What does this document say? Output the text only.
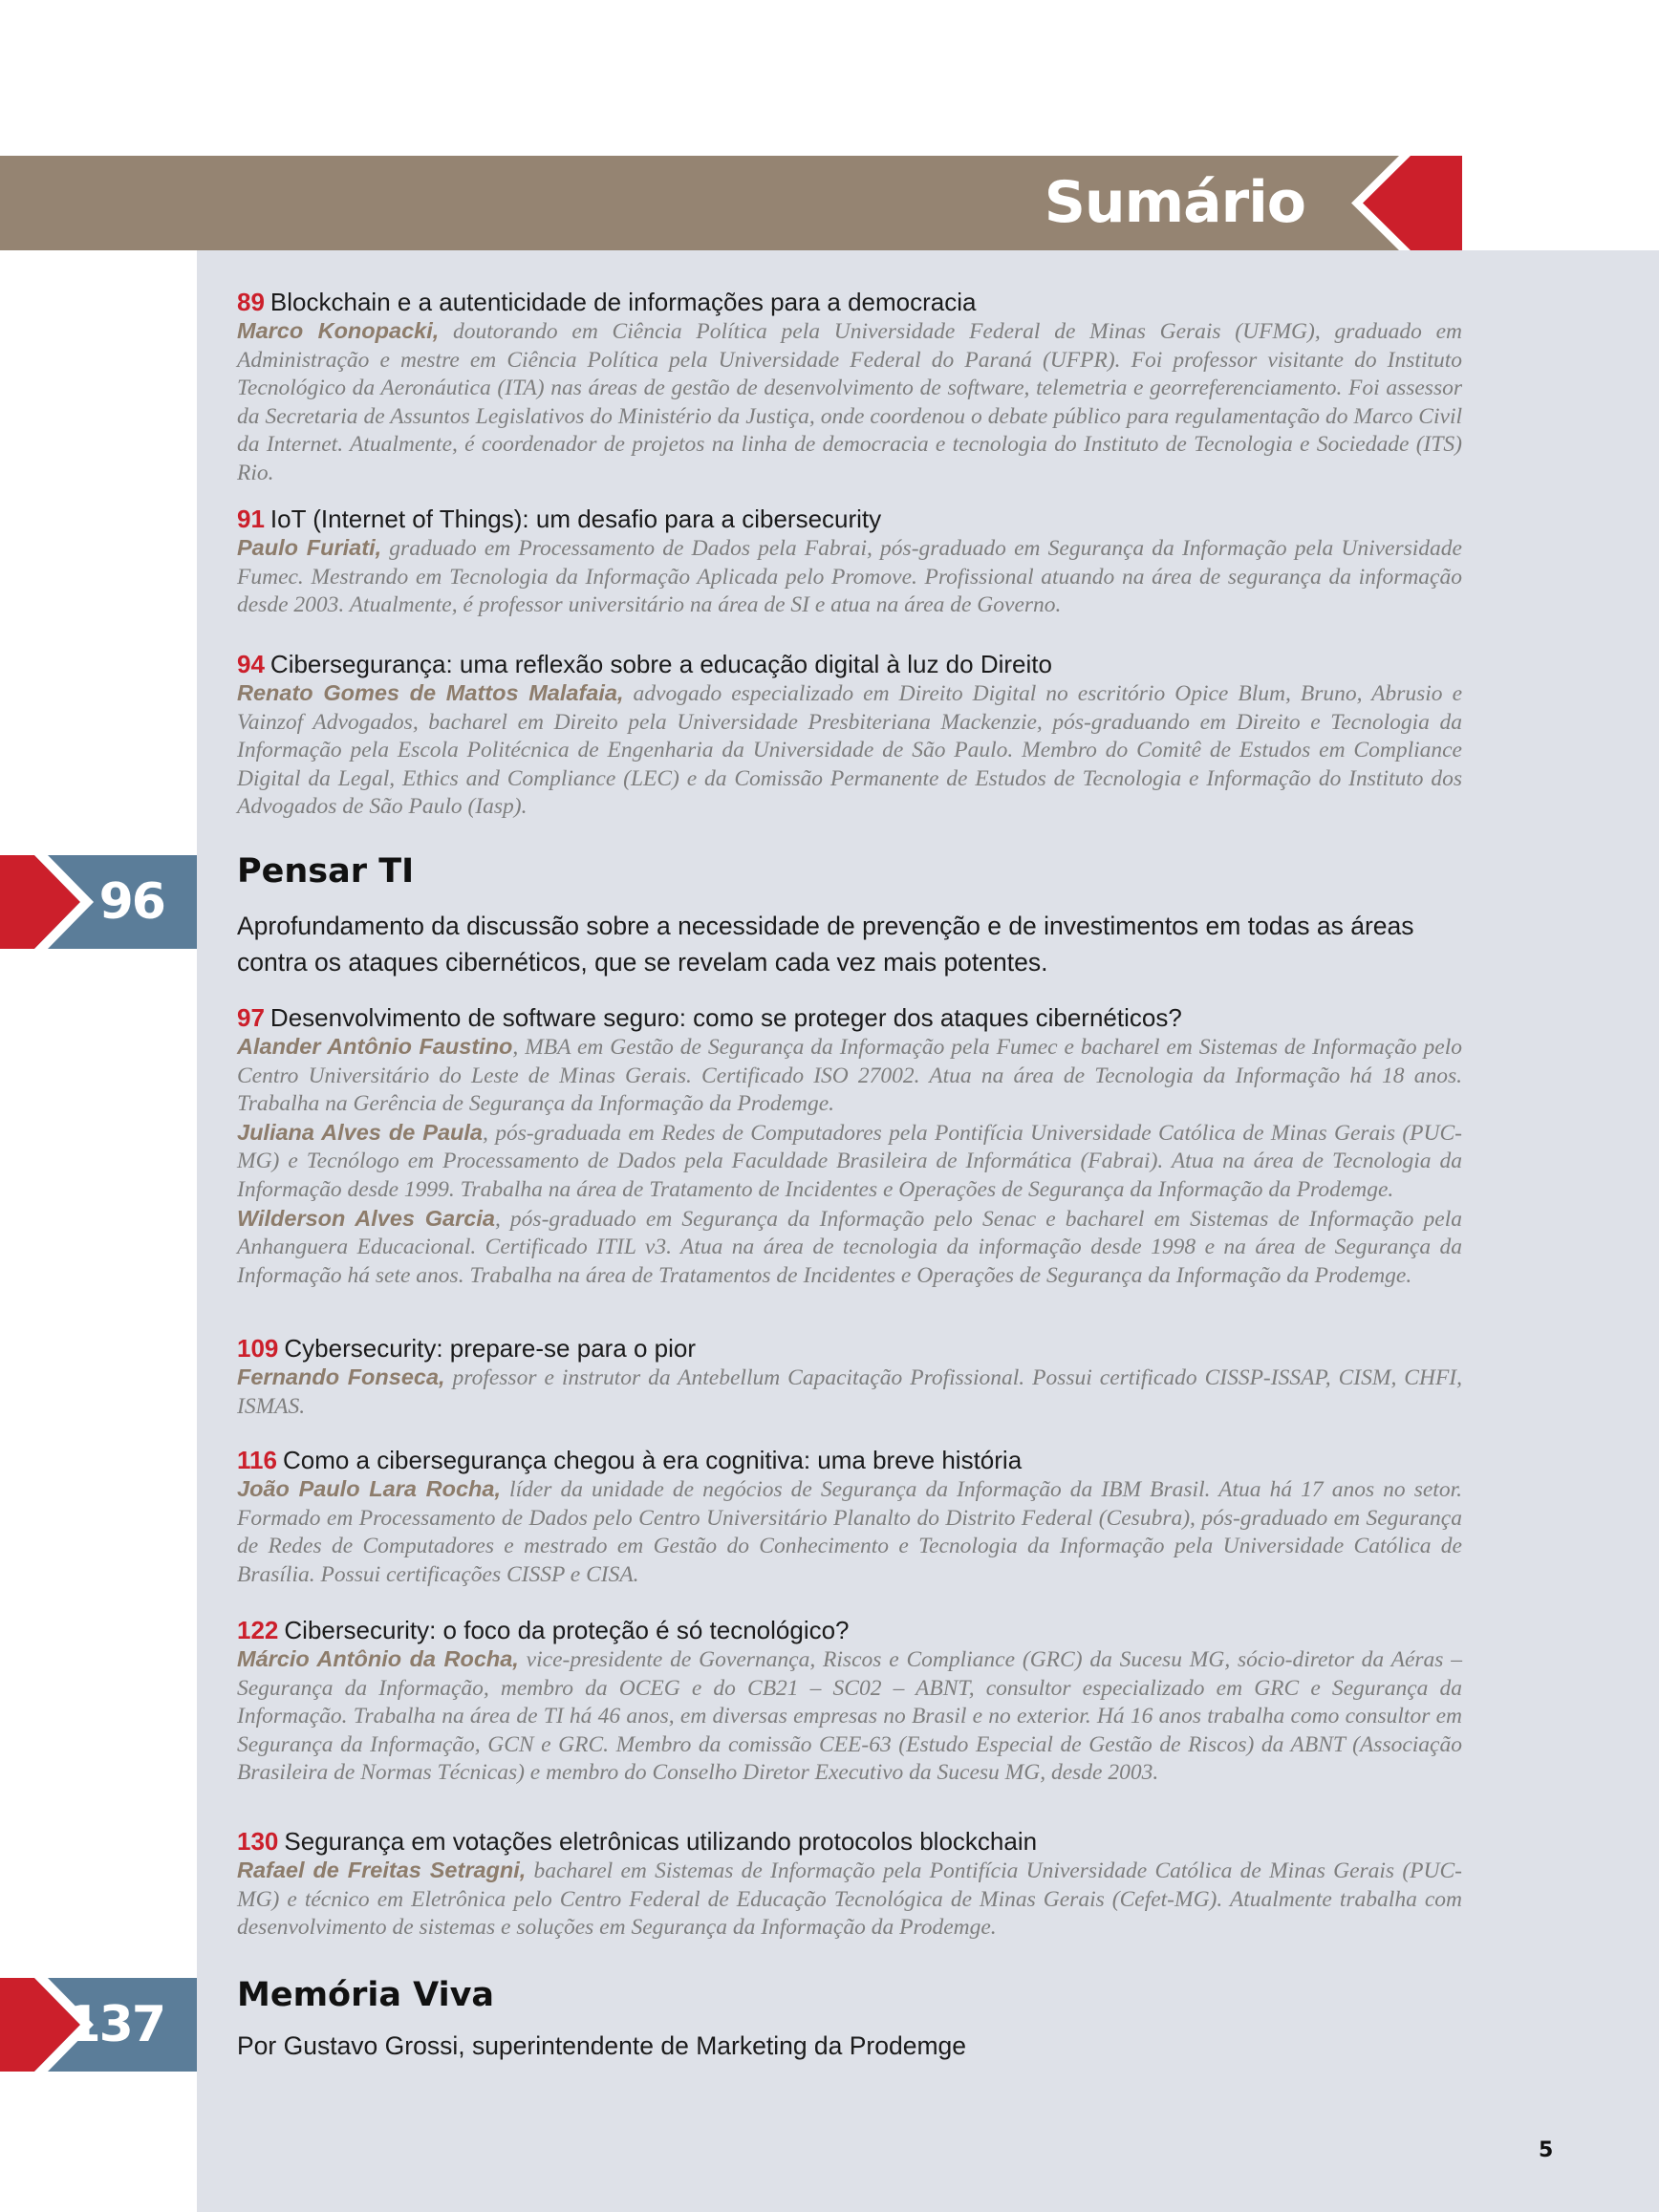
Sumário
96
137
89 Blockchain e a autenticidade de informações para a democracia

Marco Konopacki, doutorando em Ciência Política pela Universidade Federal de Minas Gerais (UFMG), graduado em Administração e mestre em Ciência Política pela Universidade Federal do Paraná (UFPR). Foi professor visitante do Instituto Tecnológico da Aeronáutica (ITA) nas áreas de gestão de desenvolvimento de software, telemetria e georreferenciamento. Foi assessor da Secretaria de Assuntos Legislativos do Ministério da Justiça, onde coordenou o debate público para regulamentação do Marco Civil da Internet. Atualmente, é coordenador de projetos na linha de democracia e tecnologia do Instituto de Tecnologia e Sociedade (ITS) Rio.

91 IoT (Internet of Things): um desafio para a cibersecurity

Paulo Furiati, graduado em Processamento de Dados pela Fabrai, pós-graduado em Segurança da Informação pela Universidade Fumec. Mestrando em Tecnologia da Informação Aplicada pelo Promove. Profissional atuando na área de segurança da informação desde 2003. Atualmente, é professor universitário na área de SI e atua na área de Governo.

94 Cibersegurança: uma reflexão sobre a educação digital à luz do Direito

Renato Gomes de Mattos Malafaia, advogado especializado em Direito Digital no escritório Opice Blum, Bruno, Abrusio e Vainzof Advogados, bacharel em Direito pela Universidade Presbiteriana Mackenzie, pós-graduando em Direito e Tecnologia da Informação pela Escola Politécnica de Engenharia da Universidade de São Paulo. Membro do Comitê de Estudos em Compliance Digital da Legal, Ethics and Compliance (LEC) e da Comissão Permanente de Estudos de Tecnologia e Informação do Instituto dos Advogados de São Paulo (Iasp).

Pensar TI

Aprofundamento da discussão sobre a necessidade de prevenção e de investimentos em todas as áreas contra os ataques cibernéticos, que se revelam cada vez mais potentes.

97 Desenvolvimento de software seguro: como se proteger dos ataques cibernéticos?

Alander Antônio Faustino, MBA em Gestão de Segurança da Informação pela Fumec e bacharel em Sistemas de Informação pelo Centro Universitário do Leste de Minas Gerais. Certificado ISO 27002. Atua na área de Tecnologia da Informação há 18 anos. Trabalha na Gerência de Segurança da Informação da Prodemge.

Juliana Alves de Paula, pós-graduada em Redes de Computadores pela Pontifícia Universidade Católica de Minas Gerais (PUC-MG) e Tecnólogo em Processamento de Dados pela Faculdade Brasileira de Informática (Fabrai). Atua na área de Tecnologia da Informação desde 1999. Trabalha na área de Tratamento de Incidentes e Operações de Segurança da Informação da Prodemge.

Wilderson Alves Garcia, pós-graduado em Segurança da Informação pelo Senac e bacharel em Sistemas de Informação pela Anhanguera Educacional. Certificado ITIL v3. Atua na área de tecnologia da informação desde 1998 e na área de Segurança da Informação há sete anos. Trabalha na área de Tratamentos de Incidentes e Operações de Segurança da Informação da Prodemge.

109 Cybersecurity: prepare-se para o pior

Fernando Fonseca, professor e instrutor da Antebellum Capacitação Profissional. Possui certificado CISSP-ISSAP, CISM, CHFI, ISMAS.

116 Como a cibersegurança chegou à era cognitiva: uma breve história

João Paulo Lara Rocha, líder da unidade de negócios de Segurança da Informação da IBM Brasil. Atua há 17 anos no setor. Formado em Processamento de Dados pelo Centro Universitário Planalto do Distrito Federal (Cesubra), pós-graduado em Segurança de Redes de Computadores e mestrado em Gestão do Conhecimento e Tecnologia da Informação pela Universidade Católica de Brasília. Possui certificações CISSP e CISA.

122 Cibersecurity: o foco da proteção é só tecnológico?

Márcio Antônio da Rocha, vice-presidente de Governança, Riscos e Compliance (GRC) da Sucesu MG, sócio-diretor da Aéras – Segurança da Informação, membro da OCEG e do CB21 – SC02 – ABNT, consultor especializado em GRC e Segurança da Informação. Trabalha na área de TI há 46 anos, em diversas empresas no Brasil e no exterior. Há 16 anos trabalha como consultor em Segurança da Informação, GCN e GRC. Membro da comissão CEE-63 (Estudo Especial de Gestão de Riscos) da ABNT (Associação Brasileira de Normas Técnicas) e membro do Conselho Diretor Executivo da Sucesu MG, desde 2003.

130 Segurança em votações eletrônicas utilizando protocolos blockchain

Rafael de Freitas Setragni, bacharel em Sistemas de Informação pela Pontifícia Universidade Católica de Minas Gerais (PUC-MG) e técnico em Eletrônica pelo Centro Federal de Educação Tecnológica de Minas Gerais (Cefet-MG). Atualmente trabalha com desenvolvimento de sistemas e soluções em Segurança da Informação da Prodemge.

Memória Viva

Por Gustavo Grossi, superintendente de Marketing da Prodemge

5
